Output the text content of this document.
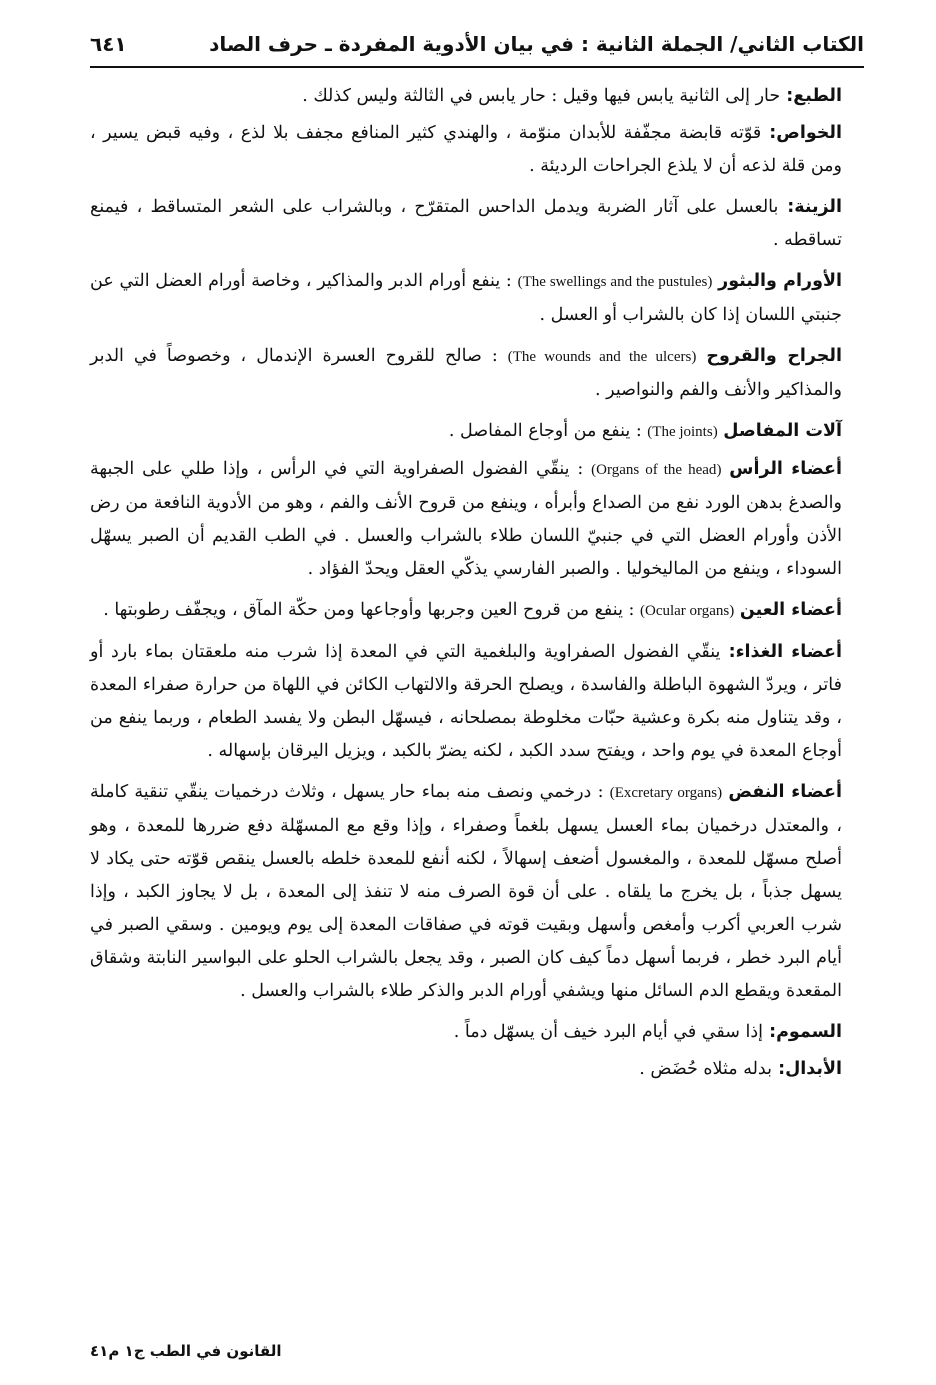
الكتاب الثاني/ الجملة الثانية : في بيان الأدوية المفردة ـ حرف الصاد
٦٤١

الطبع: حار إلى الثانية يابس فيها وقيل : حار يابس في الثالثة وليس كذلك .

الخواص: قوّته قابضة مجفّفة للأبدان منوّمة ، والهندي كثير المنافع مجفف بلا لذع ، وفيه قبض يسير ، ومن قلة لذعه أن لا يلذع الجراحات الرديئة .

الزينة: بالعسل على آثار الضربة ويدمل الداحس المتقرّح ، وبالشراب على الشعر المتساقط ، فيمنع تساقطه .

الأورام والبثور (The swellings and the pustules) : ينفع أورام الدبر والمذاكير ، وخاصة أورام العضل التي عن جنبتي اللسان إذا كان بالشراب أو العسل .

الجراح والقروح (The wounds and the ulcers) : صالح للقروح العسرة الإندمال ، وخصوصاً في الدبر والمذاكير والأنف والفم والنواصير .

آلات المفاصل (The joints) : ينفع من أوجاع المفاصل .

أعضاء الرأس (Organs of the head) : ينقّي الفضول الصفراوية التي في الرأس ، وإذا طلي على الجبهة والصدغ بدهن الورد نفع من الصداع وأبرأه ، وينفع من قروح الأنف والفم ، وهو من الأدوية النافعة من رض الأذن وأورام العضل التي في جنبيّ اللسان طلاء بالشراب والعسل . في الطب القديم أن الصبر يسهّل السوداء ، وينفع من الماليخوليا . والصبر الفارسي يذكّي العقل ويحدّ الفؤاد .

أعضاء العين (Ocular organs) : ينفع من قروح العين وجربها وأوجاعها ومن حكّة المآق ، ويجفّف رطوبتها .

أعضاء الغذاء: ينقّي الفضول الصفراوية والبلغمية التي في المعدة إذا شرب منه ملعقتان بماء بارد أو فاتر ، ويردّ الشهوة الباطلة والفاسدة ، ويصلح الحرقة والالتهاب الكائن في اللهاة من حرارة صفراء المعدة ، وقد يتناول منه بكرة وعشية حبّات مخلوطة بمصلحانه ، فيسهّل البطن ولا يفسد الطعام ، وربما ينفع من أوجاع المعدة في يوم واحد ، ويفتح سدد الكبد ، لكنه يضرّ بالكبد ، ويزيل اليرقان بإسهاله .

أعضاء النفض (Excretary organs) : درخمي ونصف منه بماء حار يسهل ، وثلاث درخميات ينقّي تنقية كاملة ، والمعتدل درخميان بماء العسل يسهل بلغماً وصفراء ، وإذا وقع مع المسهّلة دفع ضررها للمعدة ، وهو أصلح مسهّل للمعدة ، والمغسول أضعف إسهالاً ، لكنه أنفع للمعدة خلطه بالعسل ينقص قوّته حتى يكاد لا يسهل جذباً ، بل يخرج ما يلقاه . على أن قوة الصرف منه لا تنفذ إلى المعدة ، بل لا يجاوز الكبد ، وإذا شرب العربي أكرب وأمغص وأسهل وبقيت قوته في صفاقات المعدة إلى يوم ويومين . وسقي الصبر في أيام البرد خطر ، فربما أسهل دماً كيف كان الصبر ، وقد يجعل بالشراب الحلو على البواسير النابتة وشقاق المقعدة ويقطع الدم السائل منها ويشفي أورام الدبر والذكر طلاء بالشراب والعسل .

السموم: إذا سقي في أيام البرد خيف أن يسهّل دماً .

الأبدال: بدله مثلاه حُضَض .

القانون في الطب ج١ م٤١
